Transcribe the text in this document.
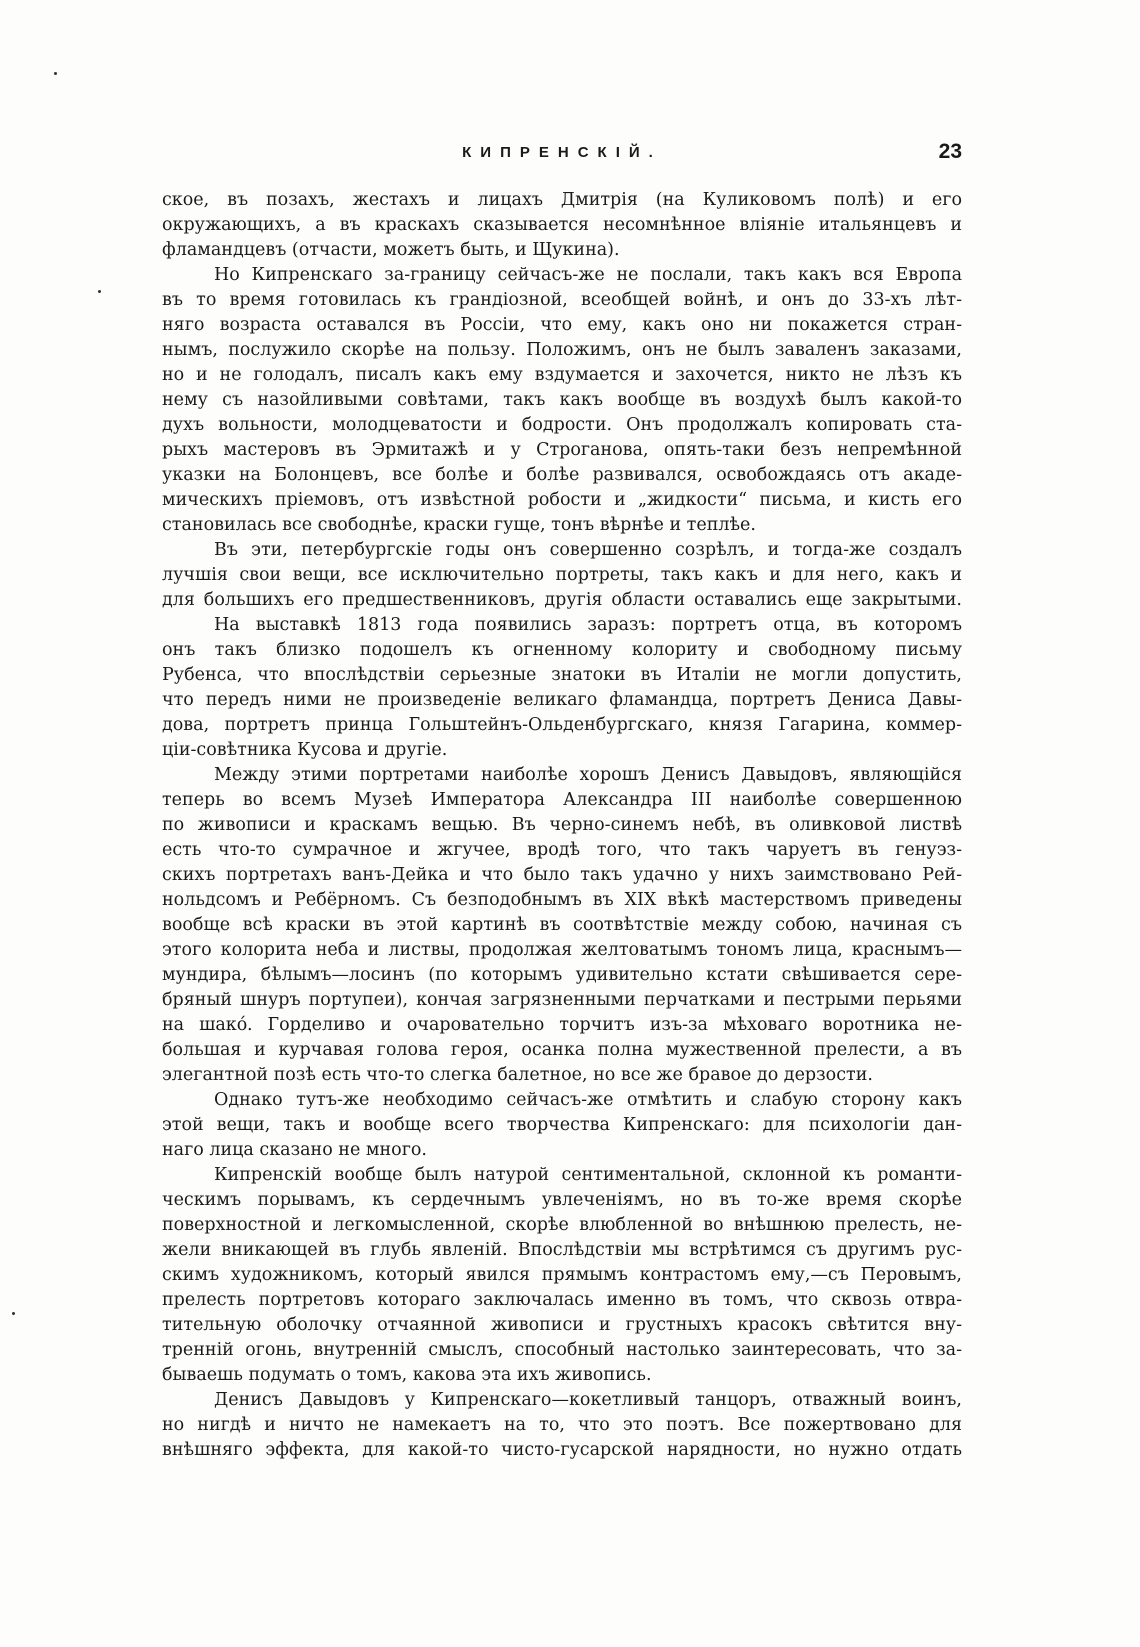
КИПРЕНСКІЙ.	23
ское, въ позахъ, жестахъ и лицахъ Дмитрія (на Куликовомъ полѣ) и его
окружающихъ, а въ краскахъ сказывается несомнѣнное вліяніе итальянцевъ и
фламандцевъ (отчасти, можетъ быть, и Щукина).
Но Кипренскаго за-границу сейчасъ-же не послали, такъ какъ вся Европа
въ то время готовилась къ грандіозной, всеобщей войнѣ, и онъ до 33-хъ лѣт-
няго возраста оставался въ Россіи, что ему, какъ оно ни покажется стран-
нымъ, послужило скорѣе на пользу. Положимъ, онъ не былъ заваленъ заказами,
но и не голодалъ, писалъ какъ ему вздумается и захочется, никто не лѣзъ къ
нему съ назойливыми совѣтами, такъ какъ вообще въ воздухѣ былъ какой-то
духъ вольности, молодцеватости и бодрости. Онъ продолжалъ копировать ста-
рыхъ мастеровъ въ Эрмитажѣ и у Строганова, опять-таки безъ непремѣнной
указки на Болонцевъ, все болѣе и болѣе развивался, освобождаясь отъ акаде-
мическихъ пріемовъ, отъ извѣстной робости и „жидкости“ письма, и кисть его
становилась все свободнѣе, краски гуще, тонъ вѣрнѣе и теплѣе.
Въ эти, петербургскіе годы онъ совершенно созрѣлъ, и тогда-же создалъ
лучшія свои вещи, все исключительно портреты, такъ какъ и для него, какъ и
для большихъ его предшественниковъ, другія области оставались еще закрытыми.
На выставкѣ 1813 года появились заразъ: портретъ отца, въ которомъ
онъ такъ близко подошелъ къ огненному колориту и свободному письму
Рубенса, что впослѣдствіи серьезные знатоки въ Италіи не могли допустить,
что передъ ними не произведеніе великаго фламандца, портретъ Дениса Давы-
дова, портретъ принца Гольштейнъ-Ольденбургскаго, князя Гагарина, коммер-
ціи-совѣтника Кусова и другіе.
Между этими портретами наиболѣе хорошъ Денисъ Давыдовъ, являющійся
теперь во всемъ Музеѣ Императора Александра III наиболѣе совершенною
по живописи и краскамъ вещью. Въ черно-синемъ небѣ, въ оливковой листвѣ
есть что-то сумрачное и жгучее, вродѣ того, что такъ чаруетъ въ генуэз-
скихъ портретахъ ванъ-Дейка и что было такъ удачно у нихъ заимствовано Рей-
нольдсомъ и Ребёрномъ. Съ безподобнымъ въ XIX вѣкѣ мастерствомъ приведены
вообще всѣ краски въ этой картинѣ въ соотвѣтствіе между собою, начиная съ
этого колорита неба и листвы, продолжая желтоватымъ тономъ лица, краснымъ—
мундира, бѣлымъ—лосинъ (по которымъ удивительно кстати свѣшивается сере-
бряный шнуръ портупеи), кончая загрязненными перчатками и пестрыми перьями
на шакó. Горделиво и очаровательно торчитъ изъ-за мѣховаго воротника не-
большая и курчавая голова героя, осанка полна мужественной прелести, а въ
элегантной позѣ есть что-то слегка балетное, но все же бравое до дерзости.
Однако тутъ-же необходимо сейчасъ-же отмѣтить и слабую сторону какъ
этой вещи, такъ и вообще всего творчества Кипренскаго: для психологіи дан-
наго лица сказано не много.
Кипренскій вообще былъ натурой сентиментальной, склонной къ романти-
ческимъ порывамъ, къ сердечнымъ увлеченіямъ, но въ то-же время скорѣе
поверхностной и легкомысленной, скорѣе влюбленной во внѣшнюю прелесть, не-
жели вникающей въ глубь явленій. Впослѣдствіи мы встрѣтимся съ другимъ рус-
скимъ художникомъ, который явился прямымъ контрастомъ ему,—съ Перовымъ,
прелесть портретовъ котораго заключалась именно въ томъ, что сквозь отвра-
тительную оболочку отчаянной живописи и грустныхъ красокъ свѣтится вну-
тренній огонь, внутренній смыслъ, способный настолько заинтересовать, что за-
бываешь подумать о томъ, какова эта ихъ живопись.
Денисъ Давыдовъ у Кипренскаго—кокетливый танцоръ, отважный воинъ,
но нигдѣ и ничто не намекаетъ на то, что это поэтъ. Все пожертвовано для
внѣшняго эффекта, для какой-то чисто-гусарской нарядности, но нужно отдать
